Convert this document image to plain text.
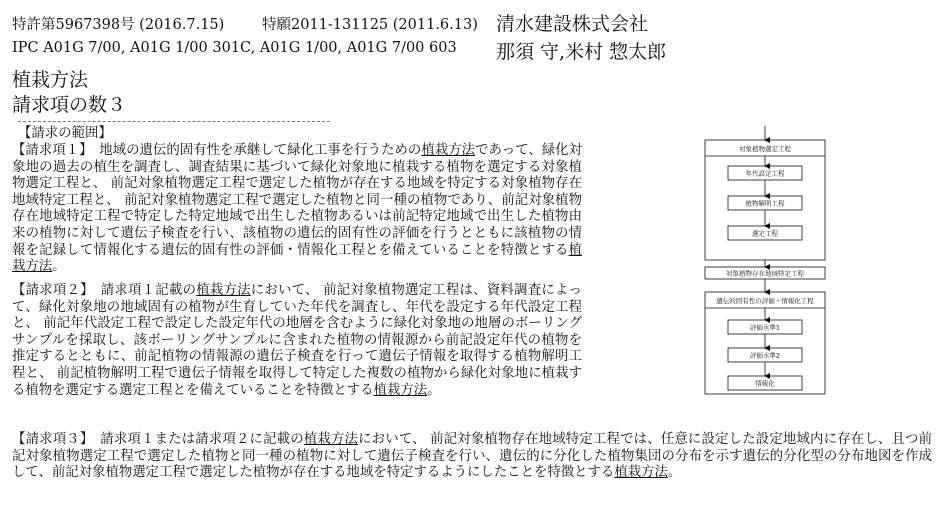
特許第5967398号 (2016.7.15)	特願2011-131125 (2011.6.13)
IPC A01G 7/00, A01G 1/00 301C, A01G 1/00, A01G 7/00 603
清水建設株式会社
那須 守,米村 惣太郎
植栽方法
請求項の数３

【請求の範囲】

【請求項１】　地域の遺伝的固有性を承継して緑化工事を行うための植栽方法であって、緑化対象地の過去の植生を調査し、調査結果に基づいて緑化対象地に植栽する植物を選定する対象植物選定工程と、 前記対象植物選定工程で選定した植物が存在する地域を特定する対象植物存在地域特定工程と、 前記対象植物選定工程で選定した植物と同一種の植物であり、前記対象植物存在地域特定工程で特定した特定地域で出生した植物あるいは前記特定地域で出生した植物由来の植物に対して遺伝子検査を行い、該植物の遺伝的固有性の評価を行うとともに該植物の情報を記録して情報化する遺伝的固有性の評価・情報化工程とを備えていることを特徴とする植栽方法。

【請求項２】　請求項１記載の植栽方法において、 前記対象植物選定工程は、資料調査によって、緑化対象地の地域固有の植物が生育していた年代を調査し、年代を設定する年代設定工程と、 前記年代設定工程で設定した設定年代の地層を含むように緑化対象地の地層のボーリングサンプルを採取し、該ボーリングサンプルに含まれた植物の情報源から前記設定年代の植物を推定するとともに、前記植物の情報源の遺伝子検査を行って遺伝子情報を取得する植物解明工程と、 前記植物解明工程で遺伝子情報を取得して特定した複数の植物から緑化対象地に植栽する植物を選定する選定工程とを備えていることを特徴とする植栽方法。

【請求項３】　請求項１または請求項２に記載の植栽方法において、 前記対象植物存在地域特定工程では、任意に設定した設定地域内に存在し、且つ前記対象植物選定工程で選定した植物と同一種の植物に対して遺伝子検査を行い、遺伝的に分化した植物集団の分布を示す遺伝的分化型の分布地図を作成して、前記対象植物選定工程で選定した植物が存在する地域を特定するようにしたことを特徴とする植栽方法。

対象植物選定工程
年代設定工程
植物解明工程
選定工程
対象植物存在地域特定工程
遺伝的固有性の評価・情報化工程
評価水準1
評価水準2
情報化
